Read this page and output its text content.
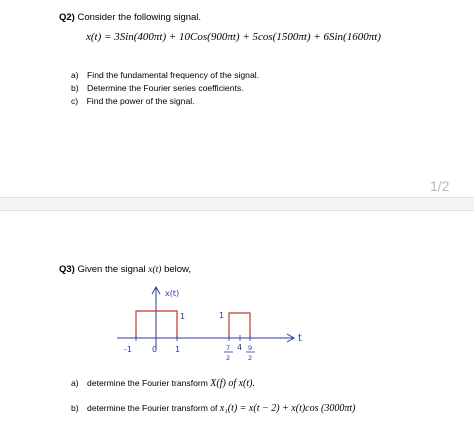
Q2) Consider the following signal.
x(t) = 3Sin(400πt) + 10Cos(900πt) + 5cos(1500πt) + 6Sin(1600πt)
a) Find the fundamental frequency of the signal.
b) Determine the Fourier series coefficients.
c) Find the power of the signal.
1/2
Q3) Given the signal x(t) below,
x(t)
1	1
t
-1	0 1	4
7
2
9
2
a) determine the Fourier transform X(f) of x(t).
b) determine the Fourier transform of x₁(t) = x(t − 2) + x(t)cos (3000πt)
